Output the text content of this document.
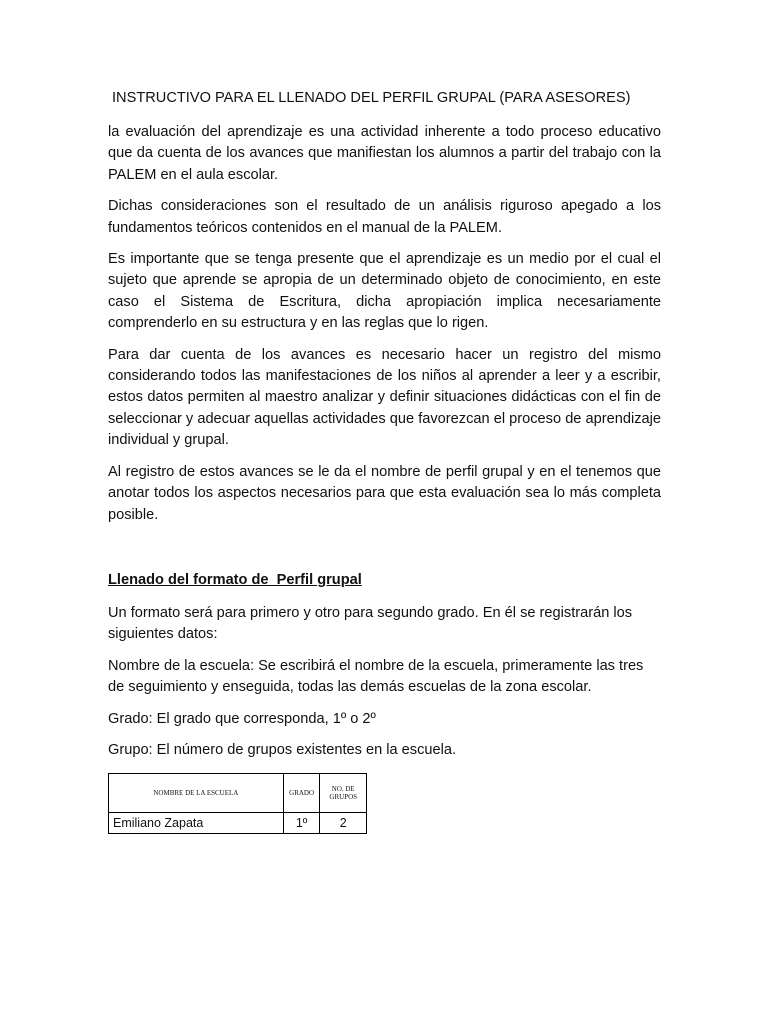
INSTRUCTIVO PARA EL LLENADO DEL PERFIL GRUPAL (PARA ASESORES)

la evaluación del aprendizaje es una actividad inherente a todo proceso educativo que da cuenta de los avances que manifiestan los alumnos a partir del trabajo con la PALEM en el aula escolar.

Dichas consideraciones son el resultado de un análisis riguroso apegado a los fundamentos teóricos contenidos en el manual de la PALEM.

Es importante que se tenga presente que el aprendizaje es un medio por el cual el sujeto que aprende se apropia de un determinado objeto de conocimiento, en este caso el Sistema de Escritura, dicha apropiación implica necesariamente comprenderlo en su estructura y en las reglas que lo rigen.

Para dar cuenta de los avances es necesario hacer un registro del mismo considerando todos las manifestaciones de los niños al aprender a leer y a escribir, estos datos permiten al maestro analizar y definir situaciones didácticas con el fin de seleccionar y adecuar aquellas actividades que favorezcan el proceso de aprendizaje individual y grupal.

Al registro de estos avances se le da el nombre de perfil grupal y en el tenemos que anotar todos los aspectos necesarios para que esta evaluación sea lo más completa posible.

Llenado del formato de  Perfil grupal

Un formato será para primero y otro para segundo grado. En él se registrarán los siguientes datos:

Nombre de la escuela: Se escribirá el nombre de la escuela, primeramente las tres de seguimiento y enseguida, todas las demás escuelas de la zona escolar.

Grado: El grado que corresponda, 1º o 2º

Grupo: El número de grupos existentes en la escuela.

NOMBRE DE LA ESCUELA	GRADO	NO. DE GRUPOS
Emiliano Zapata	1º	2
